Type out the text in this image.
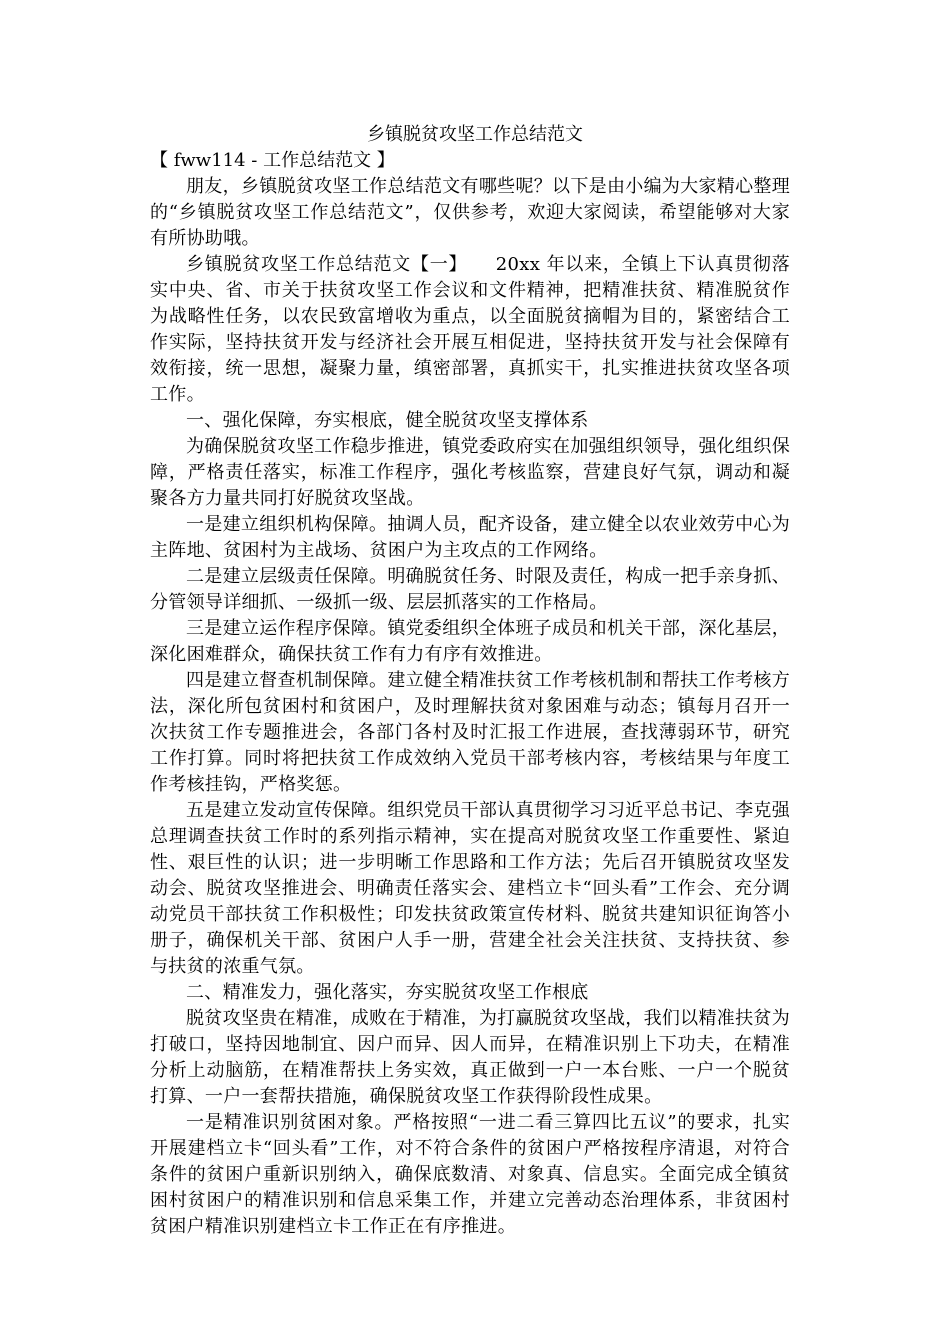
乡镇脱贫攻坚工作总结范文
【 fww114 - 工作总结范文 】

朋友，乡镇脱贫攻坚工作总结范文有哪些呢？以下是由小编为大家精心整理的“乡镇脱贫攻坚工作总结范文”，仅供参考，欢迎大家阅读，希望能够对大家有所协助哦。

乡镇脱贫攻坚工作总结范文【一】　　20xx 年以来，全镇上下认真贯彻落实中央、省、市关于扶贫攻坚工作会议和文件精神，把精准扶贫、精准脱贫作为战略性任务，以农民致富增收为重点，以全面脱贫摘帽为目的，紧密结合工作实际，坚持扶贫开发与经济社会开展互相促进，坚持扶贫开发与社会保障有效衔接，统一思想，凝聚力量，缜密部署，真抓实干，扎实推进扶贫攻坚各项工作。

一、强化保障，夯实根底，健全脱贫攻坚支撑体系

为确保脱贫攻坚工作稳步推进，镇党委政府实在加强组织领导，强化组织保障，严格责任落实，标准工作程序，强化考核监察，营建良好气氛，调动和凝聚各方力量共同打好脱贫攻坚战。

一是建立组织机构保障。抽调人员，配齐设备，建立健全以农业效劳中心为主阵地、贫困村为主战场、贫困户为主攻点的工作网络。

二是建立层级责任保障。明确脱贫任务、时限及责任，构成一把手亲身抓、分管领导详细抓、一级抓一级、层层抓落实的工作格局。

三是建立运作程序保障。镇党委组织全体班子成员和机关干部，深化基层，深化困难群众，确保扶贫工作有力有序有效推进。

四是建立督查机制保障。建立健全精准扶贫工作考核机制和帮扶工作考核方法，深化所包贫困村和贫困户，及时理解扶贫对象困难与动态；镇每月召开一次扶贫工作专题推进会，各部门各村及时汇报工作进展，查找薄弱环节，研究工作打算。同时将把扶贫工作成效纳入党员干部考核内容，考核结果与年度工作考核挂钩，严格奖惩。

五是建立发动宣传保障。组织党员干部认真贯彻学习习近平总书记、李克强总理调查扶贫工作时的系列指示精神，实在提高对脱贫攻坚工作重要性、紧迫性、艰巨性的认识；进一步明晰工作思路和工作方法；先后召开镇脱贫攻坚发动会、脱贫攻坚推进会、明确责任落实会、建档立卡“回头看”工作会、充分调动党员干部扶贫工作积极性；印发扶贫政策宣传材料、脱贫共建知识征询答小册子，确保机关干部、贫困户人手一册，营建全社会关注扶贫、支持扶贫、参与扶贫的浓重气氛。

二、精准发力，强化落实，夯实脱贫攻坚工作根底

脱贫攻坚贵在精准，成败在于精准，为打赢脱贫攻坚战，我们以精准扶贫为打破口，坚持因地制宜、因户而异、因人而异，在精准识别上下功夫，在精准分析上动脑筋，在精准帮扶上务实效，真正做到一户一本台账、一户一个脱贫打算、一户一套帮扶措施，确保脱贫攻坚工作获得阶段性成果。

一是精准识别贫困对象。严格按照“一进二看三算四比五议”的要求，扎实开展建档立卡“回头看”工作，对不符合条件的贫困户严格按程序清退，对符合条件的贫困户重新识别纳入，确保底数清、对象真、信息实。全面完成全镇贫困村贫困户的精准识别和信息采集工作，并建立完善动态治理体系，非贫困村贫困户精准识别建档立卡工作正在有序推进。
